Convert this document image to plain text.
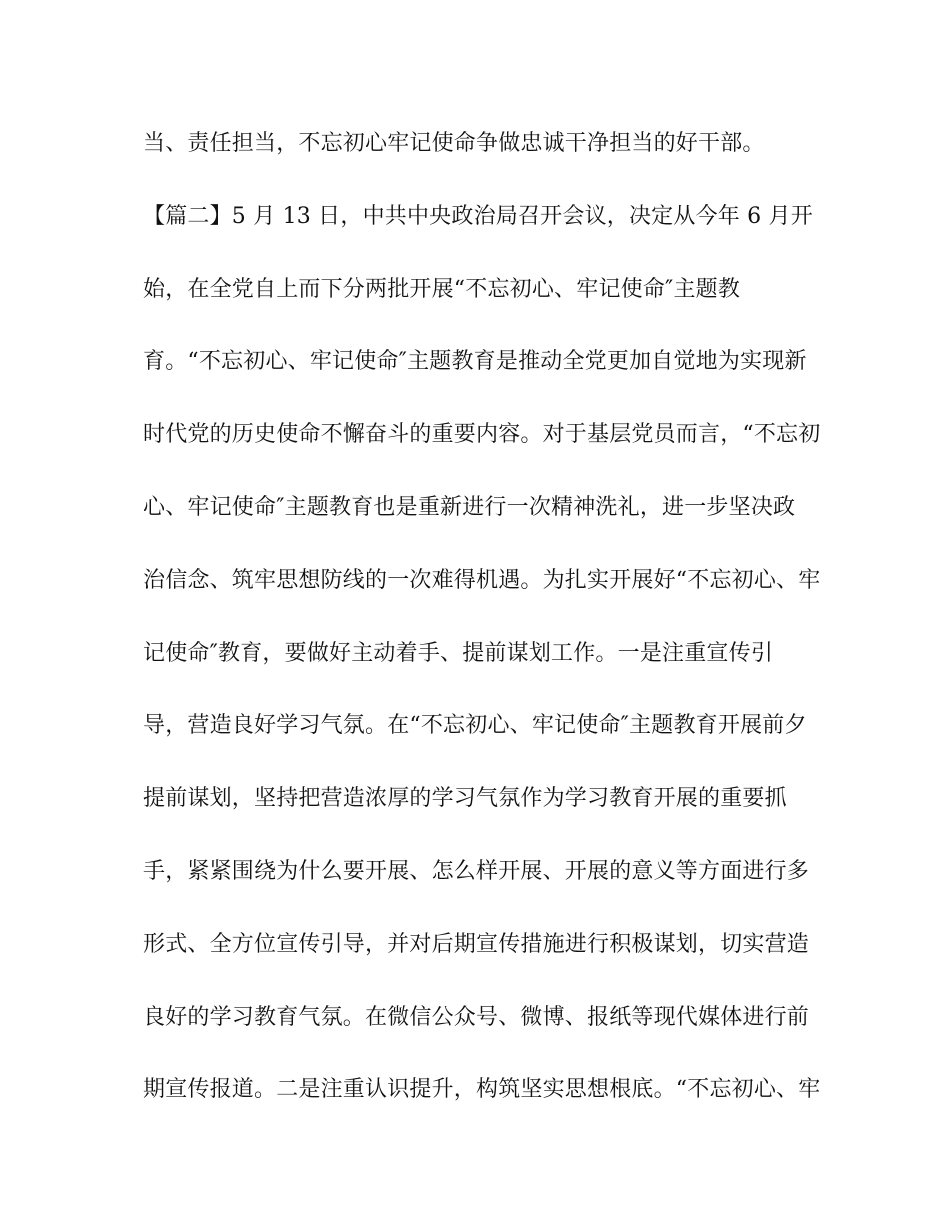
当、责任担当，不忘初心牢记使命争做忠诚干净担当的好干部。
【篇二】5 月 13 日，中共中央政治局召开会议，决定从今年 6 月开
始，在全党自上而下分两批开展“不忘初心、牢记使命″主题教
育。“不忘初心、牢记使命″主题教育是推动全党更加自觉地为实现新
时代党的历史使命不懈奋斗的重要内容。对于基层党员而言，“不忘初
心、牢记使命″主题教育也是重新进行一次精神洗礼，进一步坚决政
治信念、筑牢思想防线的一次难得机遇。为扎实开展好“不忘初心、牢
记使命″教育，要做好主动着手、提前谋划工作。一是注重宣传引
导，营造良好学习气氛。在“不忘初心、牢记使命″主题教育开展前夕
提前谋划，坚持把营造浓厚的学习气氛作为学习教育开展的重要抓
手，紧紧围绕为什么要开展、怎么样开展、开展的意义等方面进行多
形式、全方位宣传引导，并对后期宣传措施进行积极谋划，切实营造
良好的学习教育气氛。在微信公众号、微博、报纸等现代媒体进行前
期宣传报道。二是注重认识提升，构筑坚实思想根底。“不忘初心、牢
